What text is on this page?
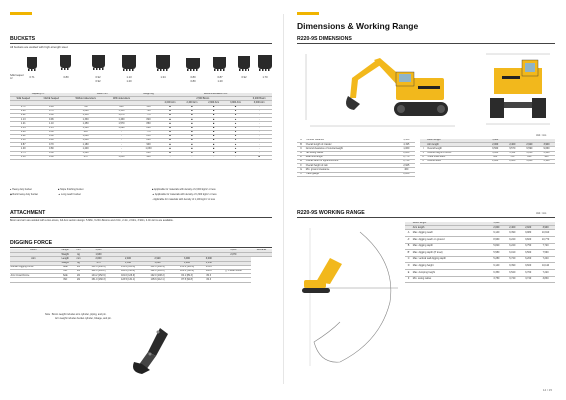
BUCKETS
All buckets are welded with high-strength steel.
SAE heaped m³	0.71	0.80	0.92	1.13	1.34	0.80	0.87	0.92	1.70
0.92	1.20	0.80	1.20
Capacity m³		Width mm		Weight kg	Recommendation mm				
SAE heaped	CECE heaped	Without sidecutters	With sidecutters		2,500 Boom				6,200 Boom
					2,000 Arm	2,400 Arm	2,900 Arm	3,900 Arm	3,000 Arm
0.71	0.49	760	880	550	■	■	■	■	-
0.80	0.70	1,080	1,150	700	■	■	■	▲	-
0.92	0.80	1,150	1,270	770	■	■	■	▲	-
1.13	0.96	1,330	1,460	820	■	■	■	▲	-
1.21	1.10	1,450	1,570	860	■	■	■	▲	-
1.34	1.15	1,590	1,690	880	■	■	■	▲	-
0.80	0.60	985	-	770	■	■	■	▲	-
0.92	0.80	1,080	-	850	■	■	■	▲	-
1.10	0.90	1,260	-	890	■	■	■	▲	-
0.87	0.70	1,180	-	900	■	■	■	▲	-
1.00	0.80	1,200	-	1,030	■	■	■	▲	-
0.75	0.60	1,390	-	800	■	■	■	■	-
1.10	0.80	970	1,050	960	-	-	-	-	■
● Heavy duty bucket	■ Slope finishing bucket	■ Applicable for materials with density of 2,000 kg/m³ or less
◆ Rock heavy duty bucket	▲ Long reach bucket	▲ Applicable for materials with density of 1,600 kg/m³ or less
- Applicable for materials with density of 1,100 kg/m³ or less
ATTACHMENT
Boom and arm are welded with a low-stress, full-box section design. 5.68m, 6.20m Booms and 2.0m, 2.4m, 2.92m, 3.90m, 4.0m Arms are available.
DIGGING FORCE
Boom	Length	mm	5,680					6,200	Remarks
	Weight	kg	1,930					2,070	
Arm	Length	mm	2,000	2,400	2,920	3,900	3,000		
	Weight	kg	975	1,040	1,000	1,280	1,150		
Bucket Digging Force	SAE	kN	151.6 [160.9]	151.6 [160.9]	151.6 [160.9]	151.6 [160.9]	151.6		
	ISO	kN	182.0 [193.2]	182.0 [193.2]	182.0 [193.2]	182.0 [193.2]	182.0	[ ]: Power Boost	
Arm Crowd Force	SAE	kN	144.2 [152.9]	119.6 [126.9]	102.0 [108.2]	84.1 [89.3]	80.3		
	ISO	kN	151.0 [160.3]	123.5 [131.1]	105.6 [112.1]	87.5 [92.8]	84.3		
Note : Boom weight includes arm cylinder, piping, and pin.
Arm weight includes bucket cylinder, linkage, and pin.
Dimensions & Working Range
R220-9S DIMENSIONS
Unit : mm
A	Tumbler distance	3,360
B	Overall length of crawler	4,195
C	Ground clearance of counterweight	1,060
D	Tail swing radius	2,860
D'	Rear-end length	2,770
E	Overall width of upperstructure	2,750
F	Overall height of cab	2,925
G	Min. ground clearance	460
H	Track gauge	2,200
	Boom length	5,680			
	Arm length	2,000	2,400	2,920	3,900
I	Overall length	9,560	9,570	9,590	9,660
J	Overall height of boom	3,060	3,110	3,010	3,460
K	Track shoe width	600	700	800	900
L	Overall width	2,800	2,900	3,000	3,100
R220-9S WORKING RANGE	Unit : mm
	Boom length	5,680			
	Arm length	2,000	2,400	2,920	3,900
A	Max. digging reach	9,140	9,390	9,980	10,910
A'	Max. digging reach on ground	8,960	9,220	9,820	10,770
B	Max. digging depth	5,820	6,220	6,750	7,720
B'	Max. digging depth (8' level)	5,580	6,010	6,560	7,590
C	Max. vertical wall digging depth	5,280	5,720	6,200	7,240
D	Max. digging height	9,140	9,390	9,600	10,110
E	Max. dumping height	6,350	6,520	6,760	7,220
F	Min. swing radius	3,750	3,740	3,740	3,830
14 / 15
